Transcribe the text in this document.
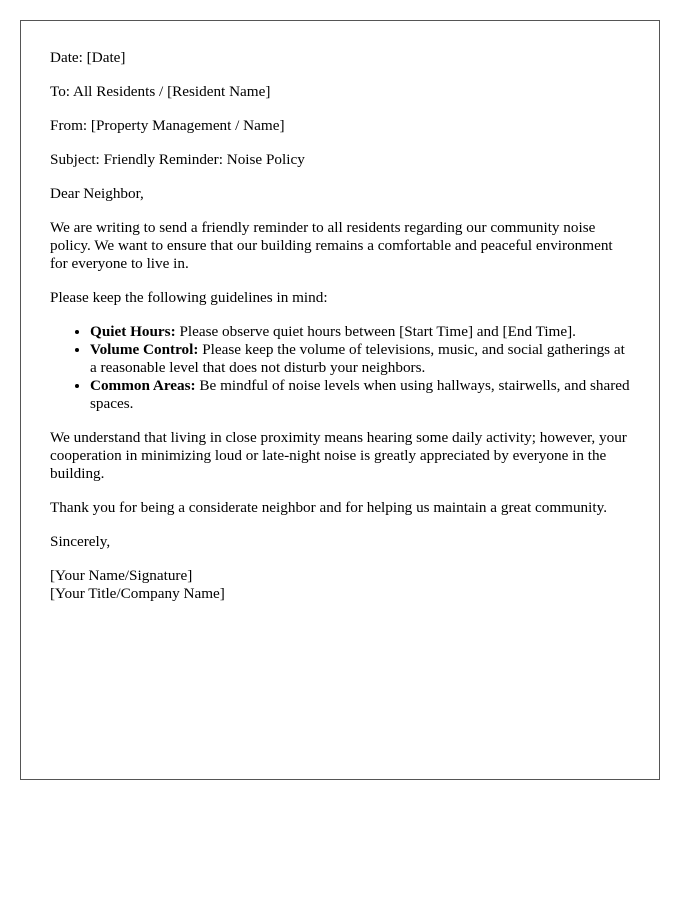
Date: [Date]

To: All Residents / [Resident Name]

From: [Property Management / Name]

Subject: Friendly Reminder: Noise Policy

Dear Neighbor,

We are writing to send a friendly reminder to all residents regarding our community noise policy. We want to ensure that our building remains a comfortable and peaceful environment for everyone to live in.

Please keep the following guidelines in mind:

• Quiet Hours: Please observe quiet hours between [Start Time] and [End Time].
• Volume Control: Please keep the volume of televisions, music, and social gatherings at a reasonable level that does not disturb your neighbors.
• Common Areas: Be mindful of noise levels when using hallways, stairwells, and shared spaces.

We understand that living in close proximity means hearing some daily activity; however, your cooperation in minimizing loud or late-night noise is greatly appreciated by everyone in the building.

Thank you for being a considerate neighbor and for helping us maintain a great community.

Sincerely,

[Your Name/Signature]

[Your Title/Company Name]
